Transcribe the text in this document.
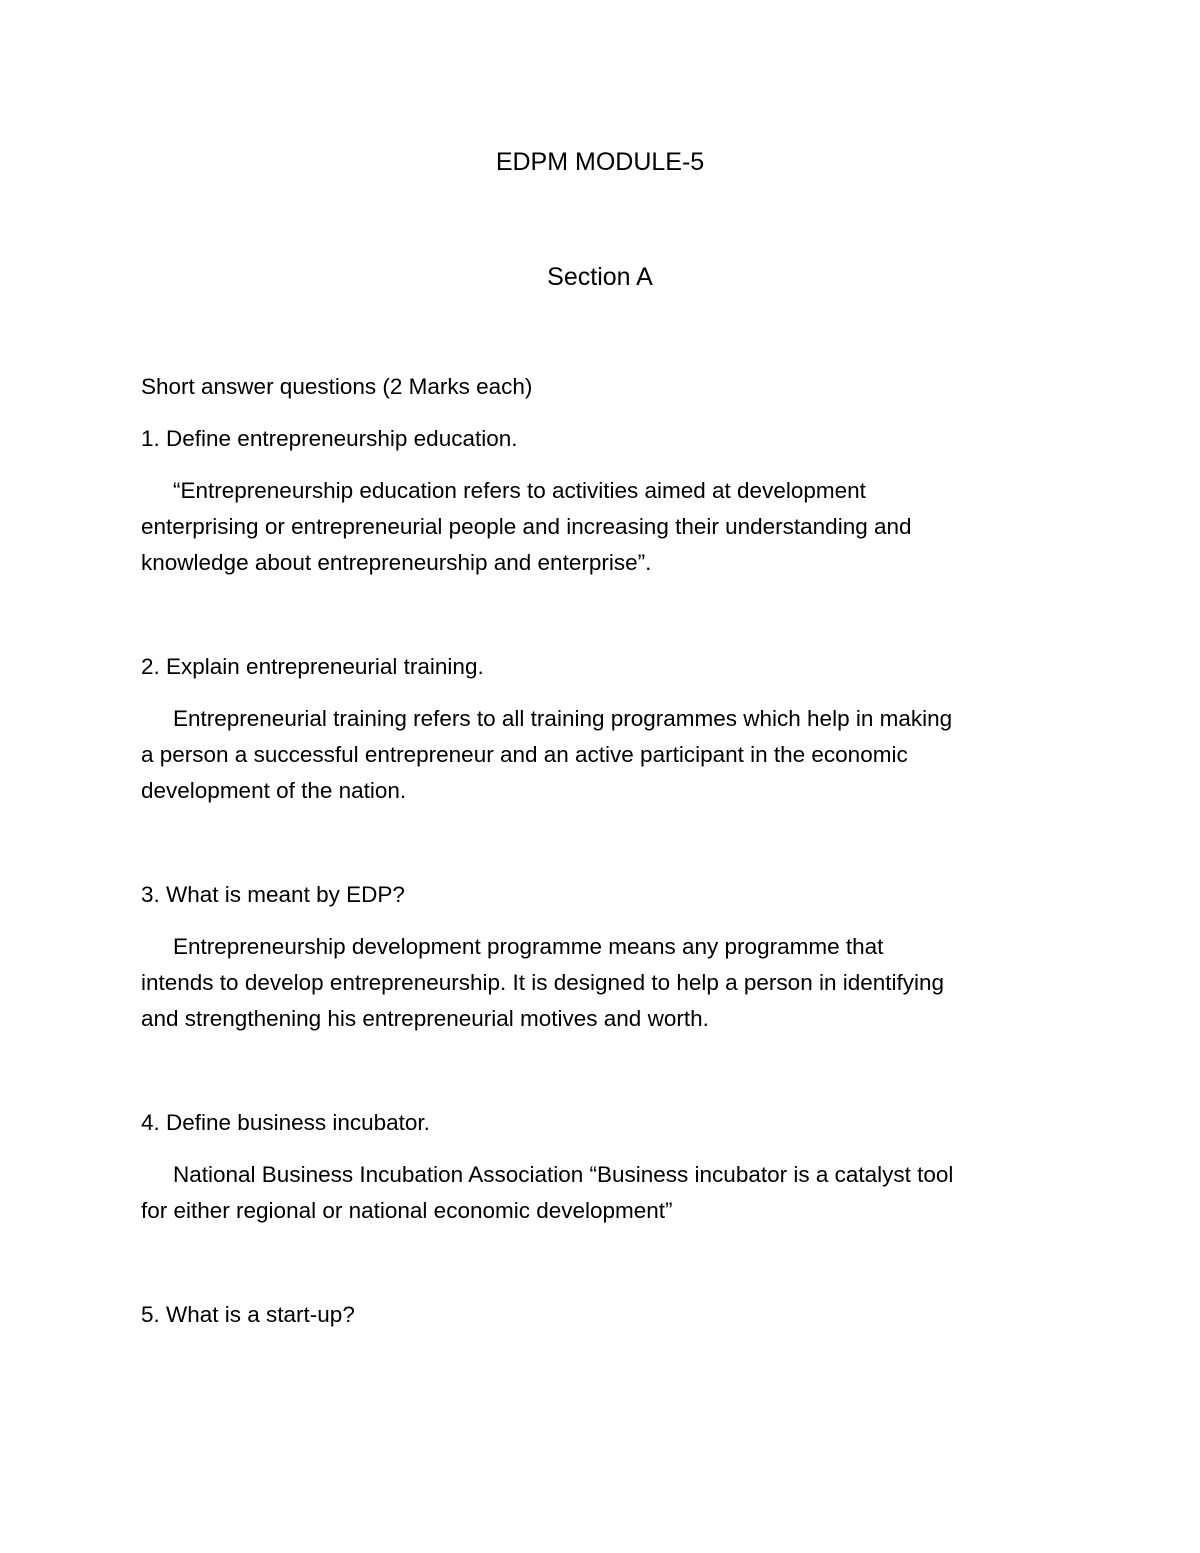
EDPM MODULE-5
Section A
Short answer questions (2 Marks each)
1. Define entrepreneurship education.
“Entrepreneurship education refers to activities aimed at development
enterprising or entrepreneurial people and increasing their understanding and
knowledge about entrepreneurship and enterprise”.
2. Explain entrepreneurial training.
Entrepreneurial training refers to all training programmes which help in making
a person a successful entrepreneur and an active participant in the economic
development of the nation.
3. What is meant by EDP?
Entrepreneurship development programme means any programme that
intends to develop entrepreneurship. It is designed to help a person in identifying
and strengthening his entrepreneurial motives and worth.
4. Define business incubator.
National Business Incubation Association “Business incubator is a catalyst tool
for either regional or national economic development”
5. What is a start-up?
